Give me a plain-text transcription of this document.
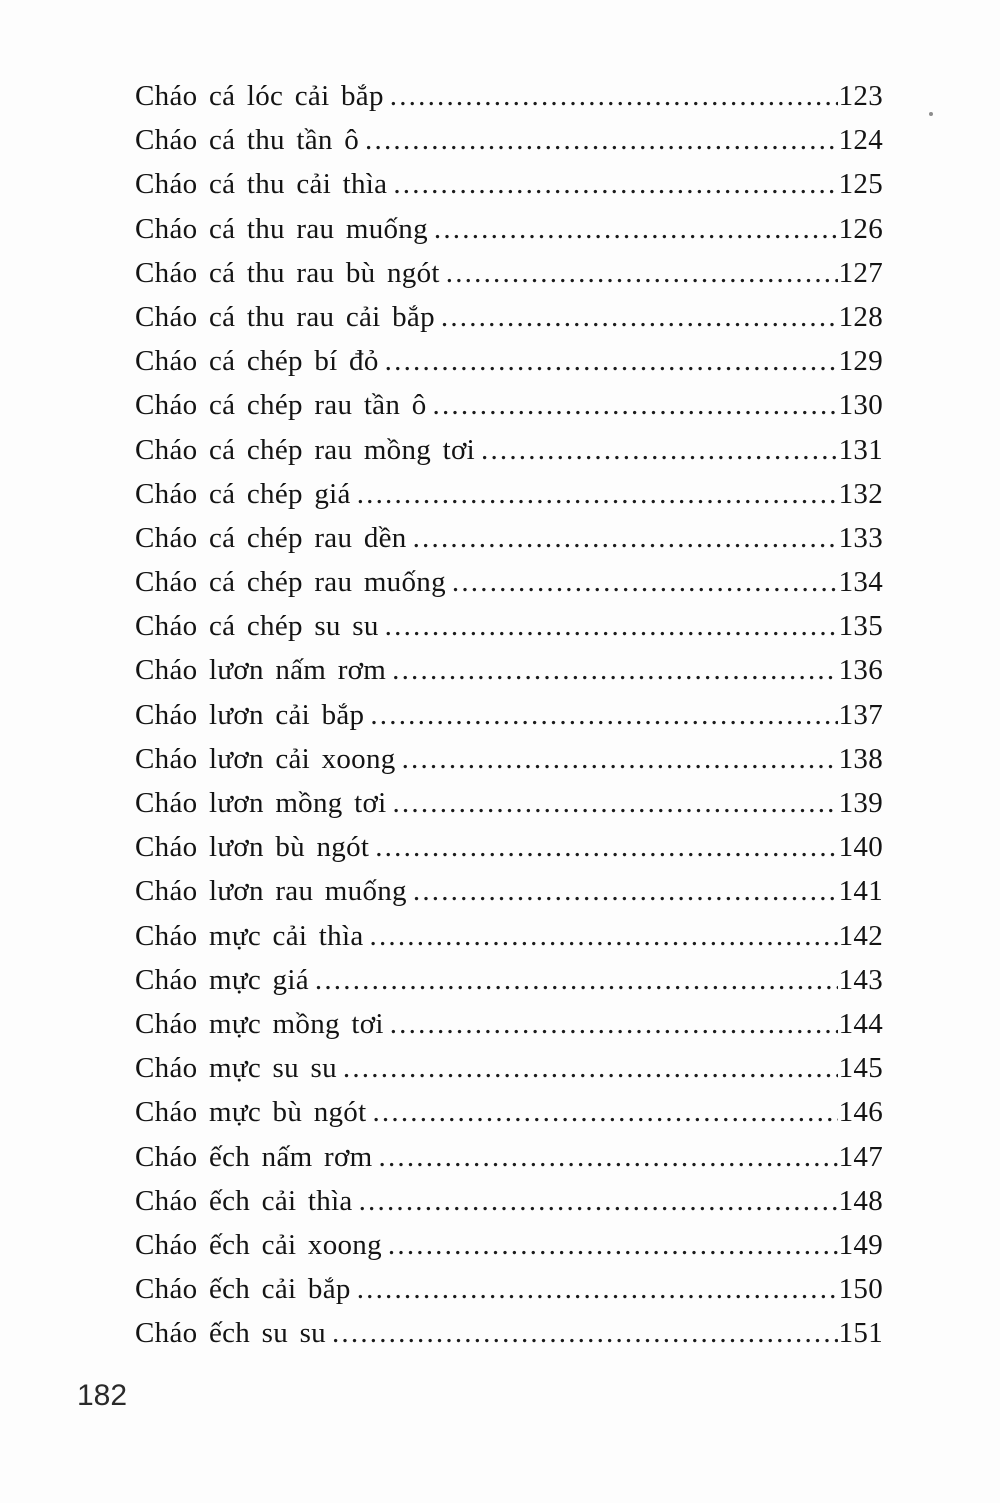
Cháo cá lóc cải bắp .....	123
Cháo cá thu tần ô .....	124
Cháo cá thu cải thìa .....	125
Cháo cá thu rau muống .....	126
Cháo cá thu rau bù ngót .....	127
Cháo cá thu rau cải bắp .....	128
Cháo cá chép bí đỏ .....	129
Cháo cá chép rau tần ô .....	130
Cháo cá chép rau mồng tơi .....	131
Cháo cá chép giá .....	132
Cháo cá chép rau dền .....	133
Cháo cá chép rau muống .....	134
Cháo cá chép su su .....	135
Cháo lươn nấm rơm .....	136
Cháo lươn cải bắp .....	137
Cháo lươn cải xoong .....	138
Cháo lươn mồng tơi .....	139
Cháo lươn bù ngót .....	140
Cháo lươn rau muống .....	141
Cháo mực cải thìa .....	142
Cháo mực giá .....	143
Cháo mực mồng tơi .....	144
Cháo mực su su .....	145
Cháo mực bù ngót .....	146
Cháo ếch nấm rơm .....	147
Cháo ếch cải thìa .....	148
Cháo ếch cải xoong .....	149
Cháo ếch cải bắp .....	150
Cháo ếch su su .....	151
182
